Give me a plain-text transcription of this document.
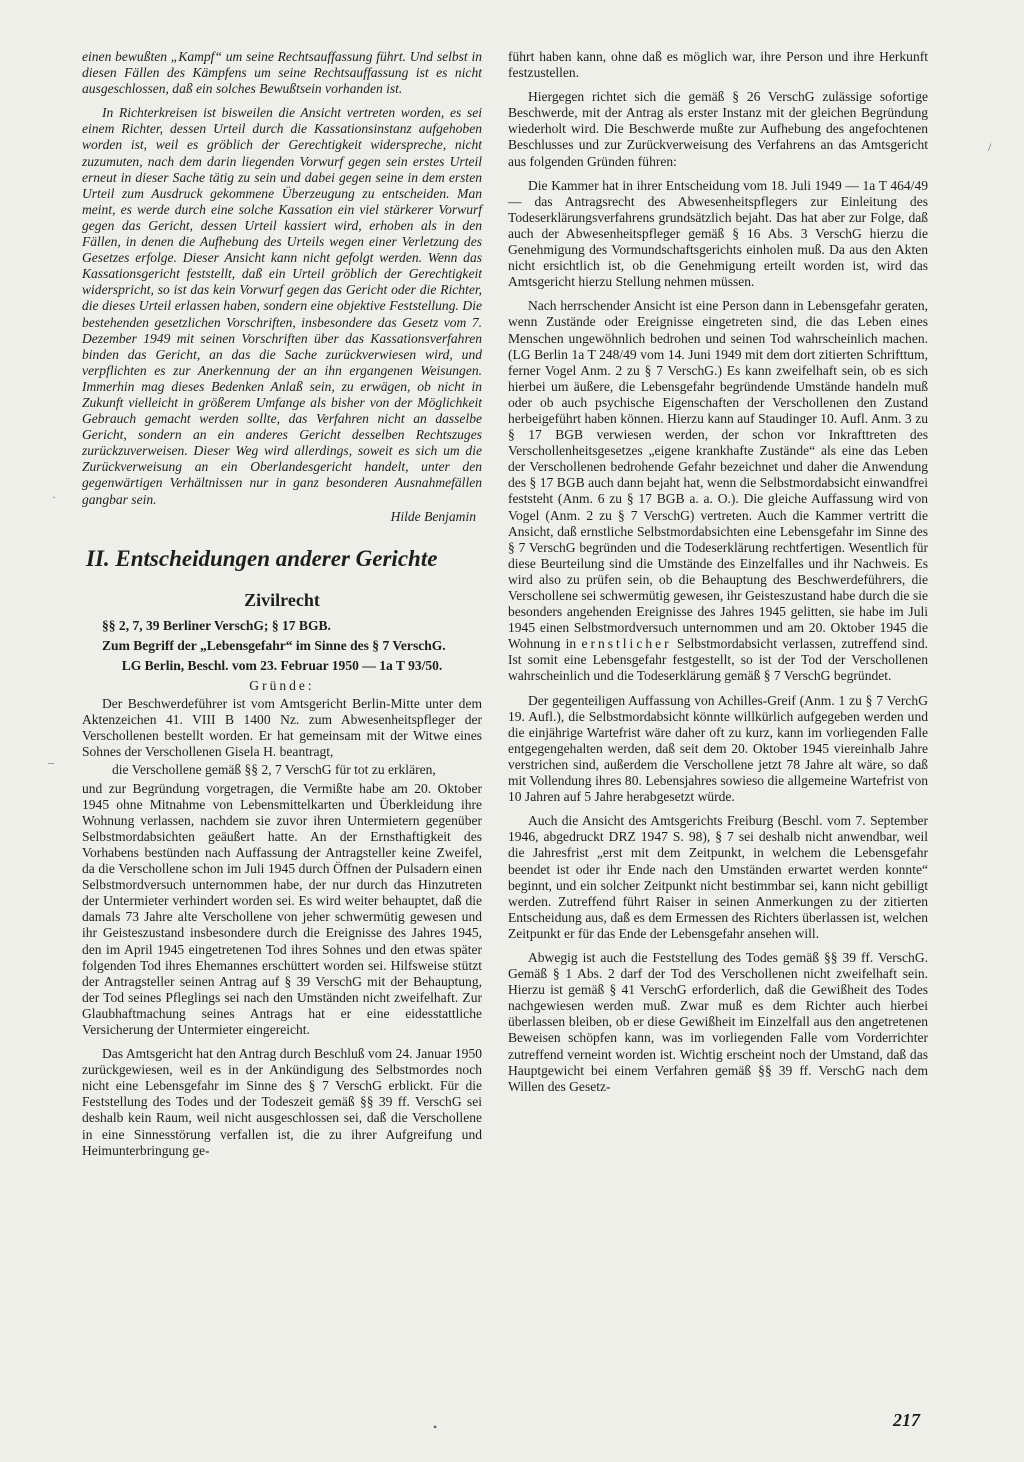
einen bewußten „Kampf“ um seine Rechtsauffassung führt. Und selbst in diesen Fällen des Kämpfens um seine Rechtsauffassung ist es nicht ausgeschlossen, daß ein solches Bewußtsein vorhanden ist.

In Richterkreisen ist bisweilen die Ansicht vertreten worden, es sei einem Richter, dessen Urteil durch die Kassationsinstanz aufgehoben worden ist, weil es gröblich der Gerechtigkeit widerspreche, nicht zuzumuten, nach dem darin liegenden Vorwurf gegen sein erstes Urteil erneut in dieser Sache tätig zu sein und dabei gegen seine in dem ersten Urteil zum Ausdruck gekommene Überzeugung zu entscheiden. Man meint, es werde durch eine solche Kassation ein viel stärkerer Vorwurf gegen das Gericht, dessen Urteil kassiert wird, erhoben als in den Fällen, in denen die Aufhebung des Urteils wegen einer Verletzung des Gesetzes erfolge. Dieser Ansicht kann nicht gefolgt werden. Wenn das Kassationsgericht feststellt, daß ein Urteil gröblich der Gerechtigkeit widerspricht, so ist das kein Vorwurf gegen das Gericht oder die Richter, die dieses Urteil erlassen haben, sondern eine objektive Feststellung. Die bestehenden gesetzlichen Vorschriften, insbesondere das Gesetz vom 7. Dezember 1949 mit seinen Vorschriften über das Kassationsverfahren binden das Gericht, an das die Sache zurückverwiesen wird, und verpflichten es zur Anerkennung der an ihn ergangenen Weisungen. Immerhin mag dieses Bedenken Anlaß sein, zu erwägen, ob nicht in Zukunft vielleicht in größerem Umfange als bisher von der Möglichkeit Gebrauch gemacht werden sollte, das Verfahren nicht an dasselbe Gericht, sondern an ein anderes Gericht desselben Rechtszuges zurückzuverweisen. Dieser Weg wird allerdings, soweit es sich um die Zurückverweisung an ein Oberlandesgericht handelt, unter den gegenwärtigen Verhältnissen nur in ganz besonderen Ausnahmefällen gangbar sein.

Hilde Benjamin

II. Entscheidungen anderer Gerichte
Zivilrecht

§§ 2, 7, 39 Berliner VerschG; § 17 BGB.

Zum Begriff der „Lebensgefahr“ im Sinne des § 7 VerschG.

LG Berlin, Beschl. vom 23. Februar 1950 — 1a T 93/50.

Gründe:

Der Beschwerdeführer ist vom Amtsgericht Berlin-Mitte unter dem Aktenzeichen 41. VIII B 1400 Nz. zum Abwesenheitspfleger der Verschollenen bestellt worden. Er hat gemeinsam mit der Witwe eines Sohnes der Verschollenen Gisela H. beantragt,

die Verschollene gemäß §§ 2, 7 VerschG für tot zu erklären,

und zur Begründung vorgetragen, die Vermißte habe am 20. Oktober 1945 ohne Mitnahme von Lebensmittelkarten und Überkleidung ihre Wohnung verlassen, nachdem sie zuvor ihren Untermietern gegenüber Selbstmordabsichten geäußert hatte. An der Ernsthaftigkeit des Vorhabens bestünden nach Auffassung der Antragsteller keine Zweifel, da die Verschollene schon im Juli 1945 durch Öffnen der Pulsadern einen Selbstmordversuch unternommen habe, der nur durch das Hinzutreten der Untermieter verhindert worden sei. Es wird weiter behauptet, daß die damals 73 Jahre alte Verschollene von jeher schwermütig gewesen und ihr Geisteszustand insbesondere durch die Ereignisse des Jahres 1945, den im April 1945 eingetretenen Tod ihres Sohnes und den etwas später folgenden Tod ihres Ehemannes erschüttert worden sei. Hilfsweise stützt der Antragsteller seinen Antrag auf § 39 VerschG mit der Behauptung, der Tod seines Pfleglings sei nach den Umständen nicht zweifelhaft. Zur Glaubhaftmachung seines Antrags hat er eine eidesstattliche Versicherung der Untermieter eingereicht.

Das Amtsgericht hat den Antrag durch Beschluß vom 24. Januar 1950 zurückgewiesen, weil es in der Ankündigung des Selbstmordes noch nicht eine Lebensgefahr im Sinne des § 7 VerschG erblickt. Für die Feststellung des Todes und der Todeszeit gemäß §§ 39 ff. VerschG sei deshalb kein Raum, weil nicht ausgeschlossen sei, daß die Verschollene in eine Sinnesstörung verfallen ist, die zu ihrer Aufgreifung und Heimunterbringung ge-

führt haben kann, ohne daß es möglich war, ihre Person und ihre Herkunft festzustellen.

Hiergegen richtet sich die gemäß § 26 VerschG zulässige sofortige Beschwerde, mit der Antrag als erster Instanz mit der gleichen Begründung wiederholt wird. Die Beschwerde mußte zur Aufhebung des angefochtenen Beschlusses und zur Zurückverweisung des Verfahrens an das Amtsgericht aus folgenden Gründen führen:

Die Kammer hat in ihrer Entscheidung vom 18. Juli 1949 — 1a T 464/49 — das Antragsrecht des Abwesenheitspflegers zur Einleitung des Todeserklärungsverfahrens grundsätzlich bejaht. Das hat aber zur Folge, daß auch der Abwesenheitspfleger gemäß § 16 Abs. 3 VerschG hierzu die Genehmigung des Vormundschaftsgerichts einholen muß. Da aus den Akten nicht ersichtlich ist, ob die Genehmigung erteilt worden ist, wird das Amtsgericht hierzu Stellung nehmen müssen.

Nach herrschender Ansicht ist eine Person dann in Lebensgefahr geraten, wenn Zustände oder Ereignisse eingetreten sind, die das Leben eines Menschen ungewöhnlich bedrohen und seinen Tod wahrscheinlich machen. (LG Berlin 1a T 248/49 vom 14. Juni 1949 mit dem dort zitierten Schrifttum, ferner Vogel Anm. 2 zu § 7 VerschG.) Es kann zweifelhaft sein, ob es sich hierbei um äußere, die Lebensgefahr begründende Umstände handeln muß oder ob auch psychische Eigenschaften der Verschollenen den Zustand herbeigeführt haben können. Hierzu kann auf Staudinger 10. Aufl. Anm. 3 zu § 17 BGB verwiesen werden, der schon vor Inkrafttreten des Verschollenheitsgesetzes „eigene krankhafte Zustände“ als eine das Leben der Verschollenen bedrohende Gefahr bezeichnet und daher die Anwendung des § 17 BGB auch dann bejaht hat, wenn die Selbstmordabsicht einwandfrei feststeht (Anm. 6 zu § 17 BGB a. a. O.). Die gleiche Auffassung wird von Vogel (Anm. 2 zu § 7 VerschG) vertreten. Auch die Kammer vertritt die Ansicht, daß ernstliche Selbstmordabsichten eine Lebensgefahr im Sinne des § 7 VerschG begründen und die Todeserklärung rechtfertigen. Wesentlich für diese Beurteilung sind die Umstände des Einzelfalles und ihr Nachweis. Es wird also zu prüfen sein, ob die Behauptung des Beschwerdeführers, die Verschollene sei schwermütig gewesen, ihr Geisteszustand habe durch die sie besonders angehenden Ereignisse des Jahres 1945 gelitten, sie habe im Juli 1945 einen Selbstmordversuch unternommen und am 20. Oktober 1945 die Wohnung in ernstlicher Selbstmordabsicht verlassen, zutreffend sind. Ist somit eine Lebensgefahr festgestellt, so ist der Tod der Verschollenen wahrscheinlich und die Todeserklärung gemäß § 7 VerschG begründet.

Der gegenteiligen Auffassung von Achilles-Greif (Anm. 1 zu § 7 VerchG 19. Aufl.), die Selbstmordabsicht könnte willkürlich aufgegeben werden und die einjährige Wartefrist wäre daher oft zu kurz, kann im vorliegenden Falle entgegengehalten werden, daß seit dem 20. Oktober 1945 viereinhalb Jahre verstrichen sind, außerdem die Verschollene jetzt 78 Jahre alt wäre, so daß mit Vollendung ihres 80. Lebensjahres sowieso die allgemeine Wartefrist von 10 Jahren auf 5 Jahre herabgesetzt würde.

Auch die Ansicht des Amtsgerichts Freiburg (Beschl. vom 7. September 1946, abgedruckt DRZ 1947 S. 98), § 7 sei deshalb nicht anwendbar, weil die Jahresfrist „erst mit dem Zeitpunkt, in welchem die Lebensgefahr beendet ist oder ihr Ende nach den Umständen erwartet werden konnte“ beginnt, und ein solcher Zeitpunkt nicht bestimmbar sei, kann nicht gebilligt werden. Zutreffend führt Raiser in seinen Anmerkungen zu der zitierten Entscheidung aus, daß es dem Ermessen des Richters überlassen ist, welchen Zeitpunkt er für das Ende der Lebensgefahr ansehen will.

Abwegig ist auch die Feststellung des Todes gemäß §§ 39 ff. VerschG. Gemäß § 1 Abs. 2 darf der Tod des Verschollenen nicht zweifelhaft sein. Hierzu ist gemäß § 41 VerschG erforderlich, daß die Gewißheit des Todes nachgewiesen werden muß. Zwar muß es dem Richter auch hierbei überlassen bleiben, ob er diese Gewißheit im Einzelfall aus den angetretenen Beweisen schöpfen kann, was im vorliegenden Falle vom Vorderrichter zutreffend verneint worden ist. Wichtig erscheint noch der Umstand, daß das Hauptgewicht bei einem Verfahren gemäß §§ 39 ff. VerschG nach dem Willen des Gesetz-

217
·
–
/
•
